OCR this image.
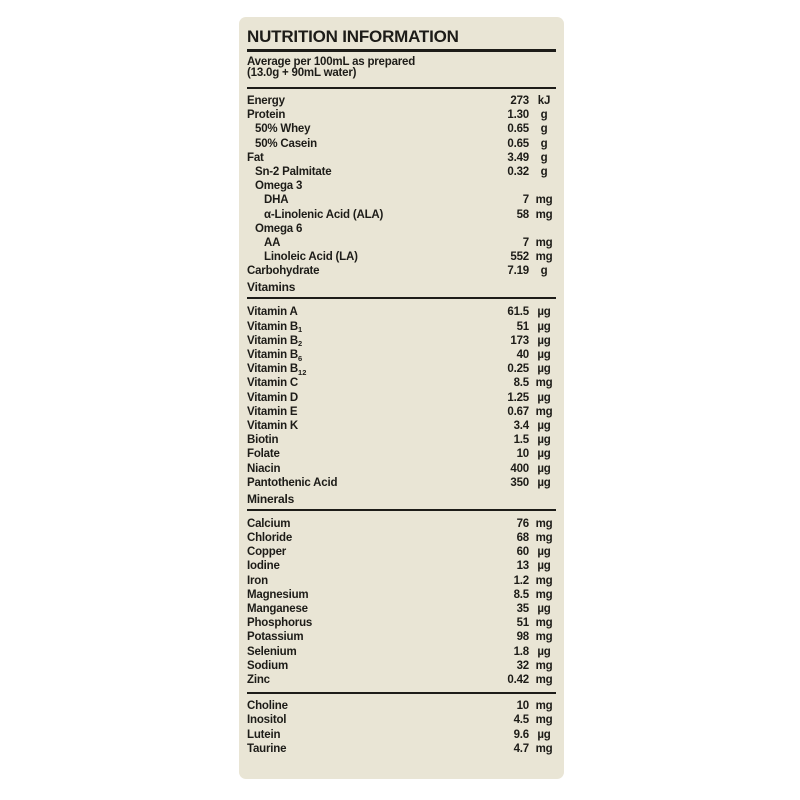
NUTRITION INFORMATION
Average per 100mL as prepared
(13.0g + 90mL water)
Energy	273 kJ
Protein	1.30	g
50% Whey	0.65	g
50% Casein	0.65	g
Fat	3.49	g
Sn-2 Palmitate	0.32	g
Omega 3
DHA	7 mg
α-Linolenic Acid (ALA)	58 mg
Omega 6
AA	7 mg
Linoleic Acid (LA)	552 mg
Carbohydrate	7.19	g
Vitamins
Vitamin A	61.5 µg
Vitamin $B_1$	51 µg
Vitamin $B_2$	173 µg
Vitamin $B_6$	40 µg
Vitamin $B_{12}$	0.25 µg
Vitamin C	8.5 mg
Vitamin D	1.25 µg
Vitamin E	0.67 mg
Vitamin K	3.4 µg
Biotin	1.5 µg
Folate	10 µg
Niacin	400 µg
Pantothenic Acid	350 µg
Minerals
Calcium	76 mg
Chloride	68 mg
Copper	60 µg
Iodine	13 µg
Iron	1.2 mg
Magnesium	8.5 mg
Manganese	35 µg
Phosphorus	51 mg
Potassium	98 mg
Selenium	1.8 µg
Sodium	32 mg
Zinc	0.42 mg
Choline	10 mg
Inositol	4.5 mg
Lutein	9.6 µg
Taurine	4.7 mg
